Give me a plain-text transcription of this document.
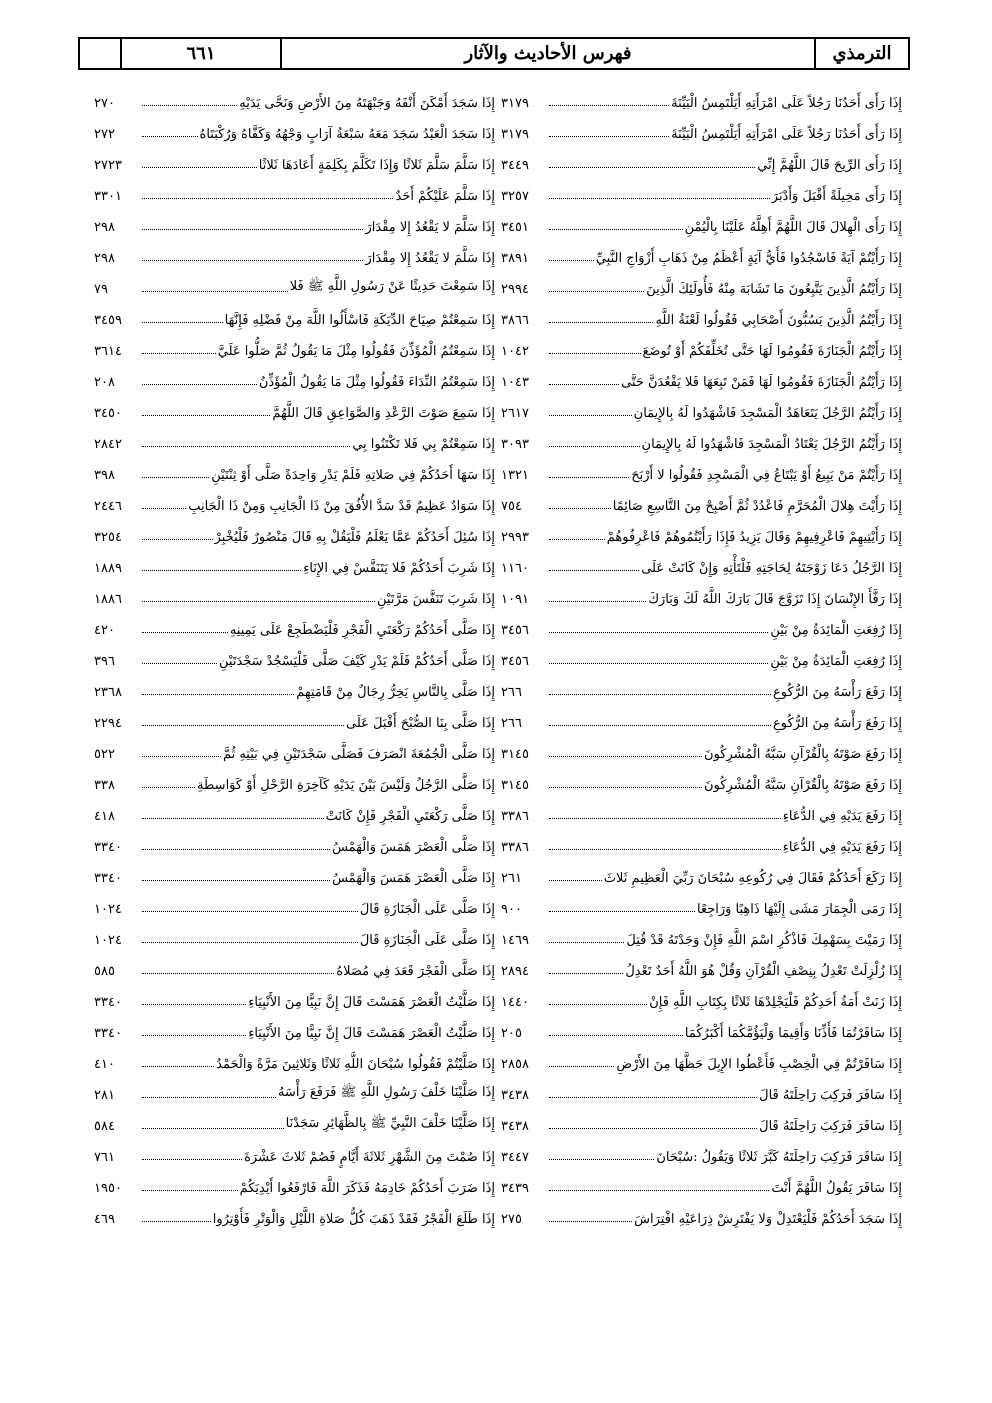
الترمذي
فهرس الأحاديث والآثار
٦٦١
إِذَا رَأَى أَحَدُنَا رَجُلاً عَلَى امْرَأَتِهِ أَيَلْتَمِسُ الْبَيِّنَةَ
٣١٧٩
إِذَا رَأَى أَحَدُنَا رَجُلاً عَلَى امْرَأَتِهِ أَيَلْتَمِسُ الْبَيِّنَةَ
٣١٧٩
إِذَا رَأَى الرِّيحَ قَالَ اللَّهُمَّ إِنِّي
٣٤٤٩
إِذَا رَأَى مَخِيلَةً أَقْبَلَ وَأَدْبَرَ
٣٢٥٧
إِذَا رَأَى الْهِلالَ قَالَ اللَّهُمَّ أَهِلَّهُ عَلَيْنَا بِالْيُمْنِ
٣٤٥١
إِذَا رَأَيْتُمْ آيَةً فَاسْجُدُوا فَأَيُّ آيَةٍ أَعْظَمُ مِنْ ذَهَابِ أَزْوَاجِ النَّبِيِّ
٣٨٩١
إِذَا رَأَيْتُمُ الَّذِينَ يَتَّبِعُونَ مَا تَشَابَهَ مِنْهُ فَأُولَئِكَ الَّذِينَ
٢٩٩٤
إِذَا رَأَيْتُمُ الَّذِينَ يَسُبُّونَ أَصْحَابِي فَقُولُوا لَعْنَةُ اللَّهِ
٣٨٦٦
إِذَا رَأَيْتُمُ الْجَنَازَةَ فَقُومُوا لَهَا حَتَّى تُخَلِّفَكُمْ أَوْ تُوضَعَ
١٠٤٢
إِذَا رَأَيْتُمُ الْجَنَازَةَ فَقُومُوا لَهَا فَمَنْ تَبِعَهَا فَلا يَقْعُدَنَّ حَتَّى
١٠٤٣
إِذَا رَأَيْتُمُ الرَّجُلَ يَتَعَاهَدُ الْمَسْجِدَ فَاشْهَدُوا لَهُ بِالإِيمَانِ
٢٦١٧
إِذَا رَأَيْتُمُ الرَّجُلَ يَعْتَادُ الْمَسْجِدَ فَاشْهَدُوا لَهُ بِالإِيمَانِ
٣٠٩٣
إِذَا رَأَيْتُمْ مَنْ يَبِيعُ أَوْ يَبْتَاعُ فِي الْمَسْجِدِ فَقُولُوا لا أَرْبَحَ
١٣٢١
إِذَا رَأَيْتَ هِلالَ الْمُحَرَّمِ فَاعْدُدْ ثُمَّ أَصْبِحْ مِنَ التَّاسِعِ صَائِمًا
٧٥٤
إِذَا رَأَيْتِيهِمْ فَاعْرِفِيهِمْ وَقَالَ يَزِيدُ فَإِذَا رَأَيْتُمُوهُمْ فَاعْرِفُوهُمْ
٢٩٩٣
إِذَا الرَّجُلُ دَعَا زَوْجَتَهُ لِحَاجَتِهِ فَلْتَأْتِهِ وَإِنْ كَانَتْ عَلَى
١١٦٠
إِذَا رَفَّأَ الإِنْسَانَ إِذَا تَزَوَّجَ قَالَ بَارَكَ اللَّهُ لَكَ وَبَارَكَ
١٠٩١
إِذَا رُفِعَتِ الْمَائِدَةُ مِنْ بَيْنِ
٣٤٥٦
إِذَا رُفِعَتِ الْمَائِدَةُ مِنْ بَيْنِ
٣٤٥٦
إِذَا رَفَعَ رَأْسَهُ مِنَ الرُّكُوعِ
٢٦٦
إِذَا رَفَعَ رَأْسَهُ مِنَ الرُّكُوعِ
٢٦٦
إِذَا رَفَعَ صَوْتَهُ بِالْقُرْآنِ سَبَّهُ الْمُشْرِكُونَ
٣١٤٥
إِذَا رَفَعَ صَوْتَهُ بِالْقُرْآنِ سَبَّهُ الْمُشْرِكُونَ
٣١٤٥
إِذَا رَفَعَ يَدَيْهِ فِي الدُّعَاءِ
٣٣٨٦
إِذَا رَفَعَ يَدَيْهِ فِي الدُّعَاءِ
٣٣٨٦
إِذَا رَكَعَ أَحَدُكُمْ فَقَالَ فِي رُكُوعِهِ سُبْحَانَ رَبِّيَ الْعَظِيمِ ثَلاثَ
٢٦١
إِذَا رَمَى الْجِمَارَ مَشَى إِلَيْهَا ذَاهِبًا وَرَاجِعًا
٩٠٠
إِذَا رَمَيْتَ بِسَهْمِكَ فَاذْكُرِ اسْمَ اللَّهِ فَإِنْ وَجَدْتَهُ قَدْ قُتِلَ
١٤٦٩
إِذَا زُلْزِلَتْ تَعْدِلُ بِنِصْفِ الْقُرْآنِ وَقُلْ هُوَ اللَّهُ أَحَدٌ تَعْدِلُ
٢٨٩٤
إِذَا زَنَتْ أَمَةُ أَحَدِكُمْ فَلْيَجْلِدْهَا ثَلاثًا بِكِتَابِ اللَّهِ فَإِنْ
١٤٤٠
إِذَا سَافَرْتُمَا فَأَذِّنَا وَأَقِيمَا وَلْيَؤُمَّكُمَا أَكْبَرُكُمَا
٢٠٥
إِذَا سَافَرْتُمْ فِي الْخِصْبِ فَأَعْطُوا الإِبِلَ حَظَّهَا مِنَ الأَرْضِ
٢٨٥٨
إِذَا سَافَرَ فَرَكِبَ رَاحِلَتَهُ قَالَ
٣٤٣٨
إِذَا سَافَرَ فَرَكِبَ رَاحِلَتَهُ قَالَ
٣٤٣٨
إِذَا سَافَرَ فَرَكِبَ رَاحِلَتَهُ كَبَّرَ ثَلاثًا وَيَقُولُ :سُبْحَانَ
٣٤٤٧
إِذَا سَافَرَ يَقُولُ اللَّهُمَّ أَنْتَ
٣٤٣٩
إِذَا سَجَدَ أَحَدُكُمْ فَلْيَعْتَدِلْ وَلا يَفْتَرِشْ ذِرَاعَيْهِ افْتِرَاشَ
٢٧٥
إِذَا سَجَدَ أَمْكَنَ أَنْفَهُ وَجَبْهَتَهُ مِنَ الأَرْضِ وَنَحَّى يَدَيْهِ
٢٧٠
إِذَا سَجَدَ الْعَبْدُ سَجَدَ مَعَهُ سَبْعَةُ آرَابٍ وَجْهُهُ وَكَفَّاهُ وَرُكْبَتَاهُ
٢٧٢
إِذَا سَلَّمَ سَلَّمَ ثَلاثًا وَإِذَا تَكَلَّمَ بِكَلِمَةٍ أَعَادَهَا ثَلاثًا
٢٧٢٣
إِذَا سَلَّمَ عَلَيْكُمْ أَحَدٌ
٣٣٠١
إِذَا سَلَّمَ لا يَقْعُدُ إِلا مِقْدَارَ
٢٩٨
إِذَا سَلَّمَ لا يَقْعُدُ إِلا مِقْدَارَ
٢٩٨
إِذَا سَمِعْتَ حَدِيثًا عَنْ رَسُولِ اللَّهِ ﷺ فَلا
٧٩
إِذَا سَمِعْتُمْ صِيَاحَ الدِّيَكَةِ فَاسْأَلُوا اللَّهَ مِنْ فَضْلِهِ فَإِنَّهَا
٣٤٥٩
إِذَا سَمِعْتُمُ الْمُؤَذِّنَ فَقُولُوا مِثْلَ مَا يَقُولُ ثُمَّ صَلُّوا عَلَيَّ
٣٦١٤
إِذَا سَمِعْتُمُ النِّدَاءَ فَقُولُوا مِثْلَ مَا يَقُولُ الْمُؤَذِّنُ
٢٠٨
إِذَا سَمِعَ صَوْتَ الرَّعْدِ وَالصَّوَاعِقِ قَالَ اللَّهُمَّ
٣٤٥٠
إِذَا سَمِعْتُمْ بِي فَلا تَكْتَنُوا بِي
٢٨٤٢
إِذَا سَهَا أَحَدُكُمْ فِي صَلاتِهِ فَلَمْ يَدْرِ وَاحِدَةً صَلَّى أَوْ ثِنْتَيْنِ
٣٩٨
إِذَا سَوَادٌ عَظِيمٌ قَدْ سَدَّ الأُفُقَ مِنْ ذَا الْجَانِبِ وَمِنْ ذَا الْجَانِبِ
٢٤٤٦
إِذَا سُئِلَ أَحَدُكُمْ عَمَّا يَعْلَمُ فَلْيَقُلْ بِهِ قَالَ مَنْصُورٌ فَلْيُخْبِرْ
٣٢٥٤
إِذَا شَرِبَ أَحَدُكُمْ فَلا يَتَنَفَّسْ فِي الإِنَاءِ
١٨٨٩
إِذَا شَرِبَ تَنَفَّسَ مَرَّتَيْنِ
١٨٨٦
إِذَا صَلَّى أَحَدُكُمْ رَكْعَتَيِ الْفَجْرِ فَلْيَضْطَجِعْ عَلَى يَمِينِهِ
٤٢٠
إِذَا صَلَّى أَحَدُكُمْ فَلَمْ يَدْرِ كَيْفَ صَلَّى فَلْيَسْجُدْ سَجْدَتَيْنِ
٣٩٦
إِذَا صَلَّى بِالنَّاسِ يَخِرُّ رِجَالٌ مِنْ قَامَتِهِمْ
٢٣٦٨
إِذَا صَلَّى بِنَا الصُّبْحَ أَقْبَلَ عَلَى
٢٢٩٤
إِذَا صَلَّى الْجُمُعَةَ انْصَرَفَ فَصَلَّى سَجْدَتَيْنِ فِي بَيْتِهِ ثُمَّ
٥٢٢
إِذَا صَلَّى الرَّجُلُ وَلَيْسَ بَيْنَ يَدَيْهِ كَآخِرَةِ الرَّحْلِ أَوْ كَوَاسِطَةِ
٣٣٨
إِذَا صَلَّى رَكْعَتَيِ الْفَجْرِ فَإِنْ كَانَتْ
٤١٨
إِذَا صَلَّى الْعَصْرَ هَمَسَ وَالْهَمْسُ
٣٣٤٠
إِذَا صَلَّى الْعَصْرَ هَمَسَ وَالْهَمْسُ
٣٣٤٠
إِذَا صَلَّى عَلَى الْجَنَازَةِ قَالَ
١٠٢٤
إِذَا صَلَّى عَلَى الْجَنَازَةِ قَالَ
١٠٢٤
إِذَا صَلَّى الْفَجْرَ قَعَدَ فِي مُصَلاهُ
٥٨٥
إِذَا صَلَّيْتُ الْعَصْرَ هَمَسْتَ قَالَ إِنَّ نَبِيًّا مِنَ الأَنْبِيَاءِ
٣٣٤٠
إِذَا صَلَّيْتُ الْعَصْرَ هَمَسْتَ قَالَ إِنَّ نَبِيًّا مِنَ الأَنْبِيَاءِ
٣٣٤٠
إِذَا صَلَّيْتُمْ فَقُولُوا سُبْحَانَ اللَّهِ ثَلاثًا وَثَلاثِينَ مَرَّةً وَالْحَمْدُ
٤١٠
إِذَا صَلَّيْنَا خَلْفَ رَسُولِ اللَّهِ ﷺ فَرَفَعَ رَأْسَهُ
٢٨١
إِذَا صَلَّيْنَا خَلْفَ النَّبِيِّ ﷺ بِالظَّهَائِرِ سَجَدْنَا
٥٨٤
إِذَا صُمْتَ مِنَ الشَّهْرِ ثَلاثَةَ أَيَّامٍ فَصُمْ ثَلاثَ عَشْرَةَ
٧٦١
إِذَا ضَرَبَ أَحَدُكُمْ خَادِمَهُ فَذَكَرَ اللَّهَ فَارْفَعُوا أَيْدِيَكُمْ
١٩٥٠
إِذَا طَلَعَ الْفَجْرُ فَقَدْ ذَهَبَ كُلُّ صَلاةِ اللَّيْلِ وَالْوَتْرِ فَأَوْتِرُوا
٤٦٩
